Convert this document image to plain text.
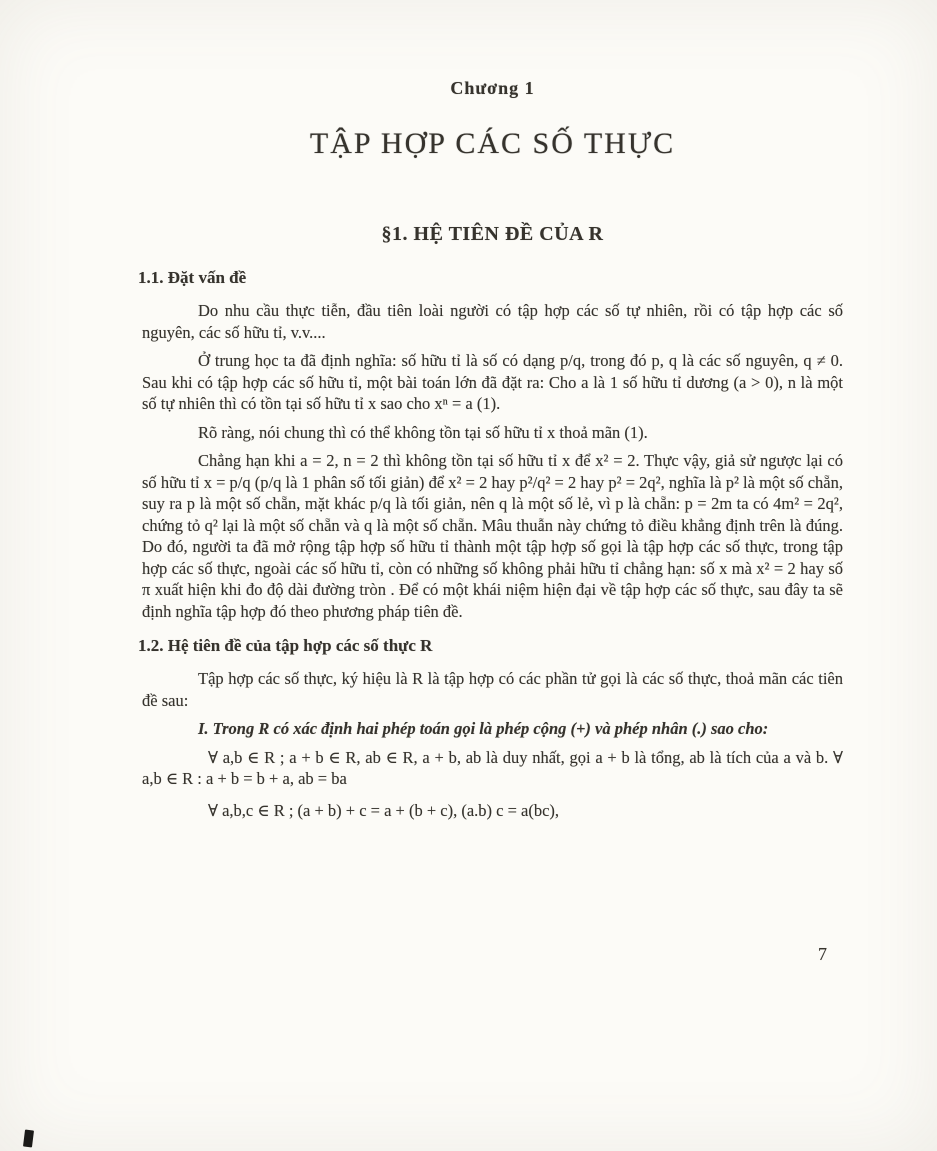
Chương 1
TẬP HỢP CÁC SỐ THỰC
§1. HỆ TIÊN ĐỀ CỦA R
1.1. Đặt vấn đề

Do nhu cầu thực tiễn, đầu tiên loài người có tập hợp các số tự nhiên, rồi có tập hợp các số nguyên, các số hữu tỉ, v.v....

Ở trung học ta đã định nghĩa: số hữu tỉ là số có dạng p/q, trong đó p, q là các số nguyên, q ≠ 0. Sau khi có tập hợp các số hữu tỉ, một bài toán lớn đã đặt ra: Cho a là 1 số hữu tỉ dương (a > 0), n là một số tự nhiên thì có tồn tại số hữu tỉ x sao cho xⁿ = a (1).

Rõ ràng, nói chung thì có thể không tồn tại số hữu tỉ x thoả mãn (1).

Chẳng hạn khi a = 2, n = 2 thì không tồn tại số hữu tỉ x để x² = 2. Thực vậy, giả sử ngược lại có số hữu tỉ x = p/q (p/q là 1 phân số tối giản) để x² = 2 hay p²/q² = 2 hay p² = 2q², nghĩa là p² là một số chẵn, suy ra p là một số chẵn, mặt khác p/q là tối giản, nên q là một số lẻ, vì p là chẵn: p = 2m ta có 4m² = 2q², chứng tỏ q² lại là một số chẵn và q là một số chẵn. Mâu thuẫn này chứng tỏ điều khẳng định trên là đúng. Do đó, người ta đã mở rộng tập hợp số hữu tỉ thành một tập hợp số gọi là tập hợp các số thực, trong tập hợp các số thực, ngoài các số hữu tỉ, còn có những số không phải hữu tỉ chẳng hạn: số x mà x² = 2 hay số π xuất hiện khi đo độ dài đường tròn . Để có một khái niệm hiện đại về tập hợp các số thực, sau đây ta sẽ định nghĩa tập hợp đó theo phương pháp tiên đề.

1.2. Hệ tiên đề của tập hợp các số thực R

Tập hợp các số thực, ký hiệu là R là tập hợp có các phần tử gọi là các số thực, thoả mãn các tiên đề sau:

I. Trong R có xác định hai phép toán gọi là phép cộng (+) và phép nhân (.) sao cho:

∀ a,b ∈ R ; a + b ∈ R, ab ∈ R, a + b, ab là duy nhất, gọi a + b là tổng, ab là tích của a và b. ∀ a,b ∈ R : a + b = b + a, ab = ba

∀ a,b,c ∈ R ; (a + b) + c = a + (b + c), (a.b) c = a(bc),

7
